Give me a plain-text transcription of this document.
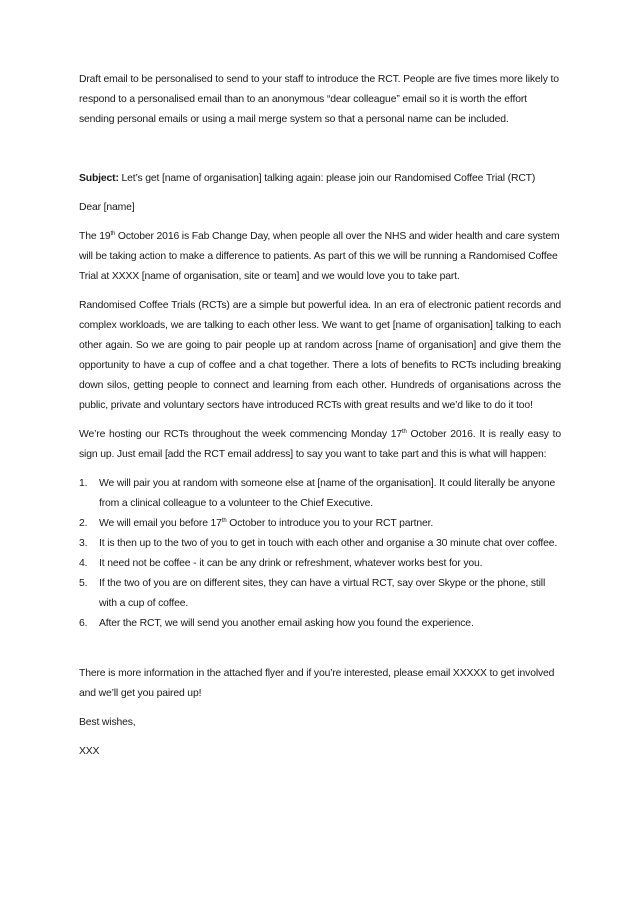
Draft email to be personalised to send to your staff to introduce the RCT. People are five times more likely to respond to a personalised email than to an anonymous “dear colleague” email so it is worth the effort sending personal emails or using a mail merge system so that a personal name can be included.

Subject: Let’s get [name of organisation] talking again: please join our Randomised Coffee Trial (RCT)

Dear [name]

The 19th October 2016 is Fab Change Day, when people all over the NHS and wider health and care system will be taking action to make a difference to patients. As part of this we will be running a Randomised Coffee Trial at XXXX [name of organisation, site or team] and we would love you to take part.

Randomised Coffee Trials (RCTs) are a simple but powerful idea. In an era of electronic patient records and complex workloads, we are talking to each other less. We want to get [name of organisation] talking to each other again. So we are going to pair people up at random across [name of organisation] and give them the opportunity to have a cup of coffee and a chat together. There a lots of benefits to RCTs including breaking down silos, getting people to connect and learning from each other. Hundreds of organisations across the public, private and voluntary sectors have introduced RCTs with great results and we’d like to do it too!

We’re hosting our RCTs throughout the week commencing Monday 17th October 2016. It is really easy to sign up. Just email [add the RCT email address] to say you want to take part and this is what will happen:

1. We will pair you at random with someone else at [name of the organisation]. It could literally be anyone from a clinical colleague to a volunteer to the Chief Executive.
2. We will email you before 17th October to introduce you to your RCT partner.
3. It is then up to the two of you to get in touch with each other and organise a 30 minute chat over coffee.
4. It need not be coffee - it can be any drink or refreshment, whatever works best for you.
5. If the two of you are on different sites, they can have a virtual RCT, say over Skype or the phone, still with a cup of coffee.
6. After the RCT, we will send you another email asking how you found the experience.

There is more information in the attached flyer and if you’re interested, please email XXXXX to get involved and we’ll get you paired up!

Best wishes,

XXX
